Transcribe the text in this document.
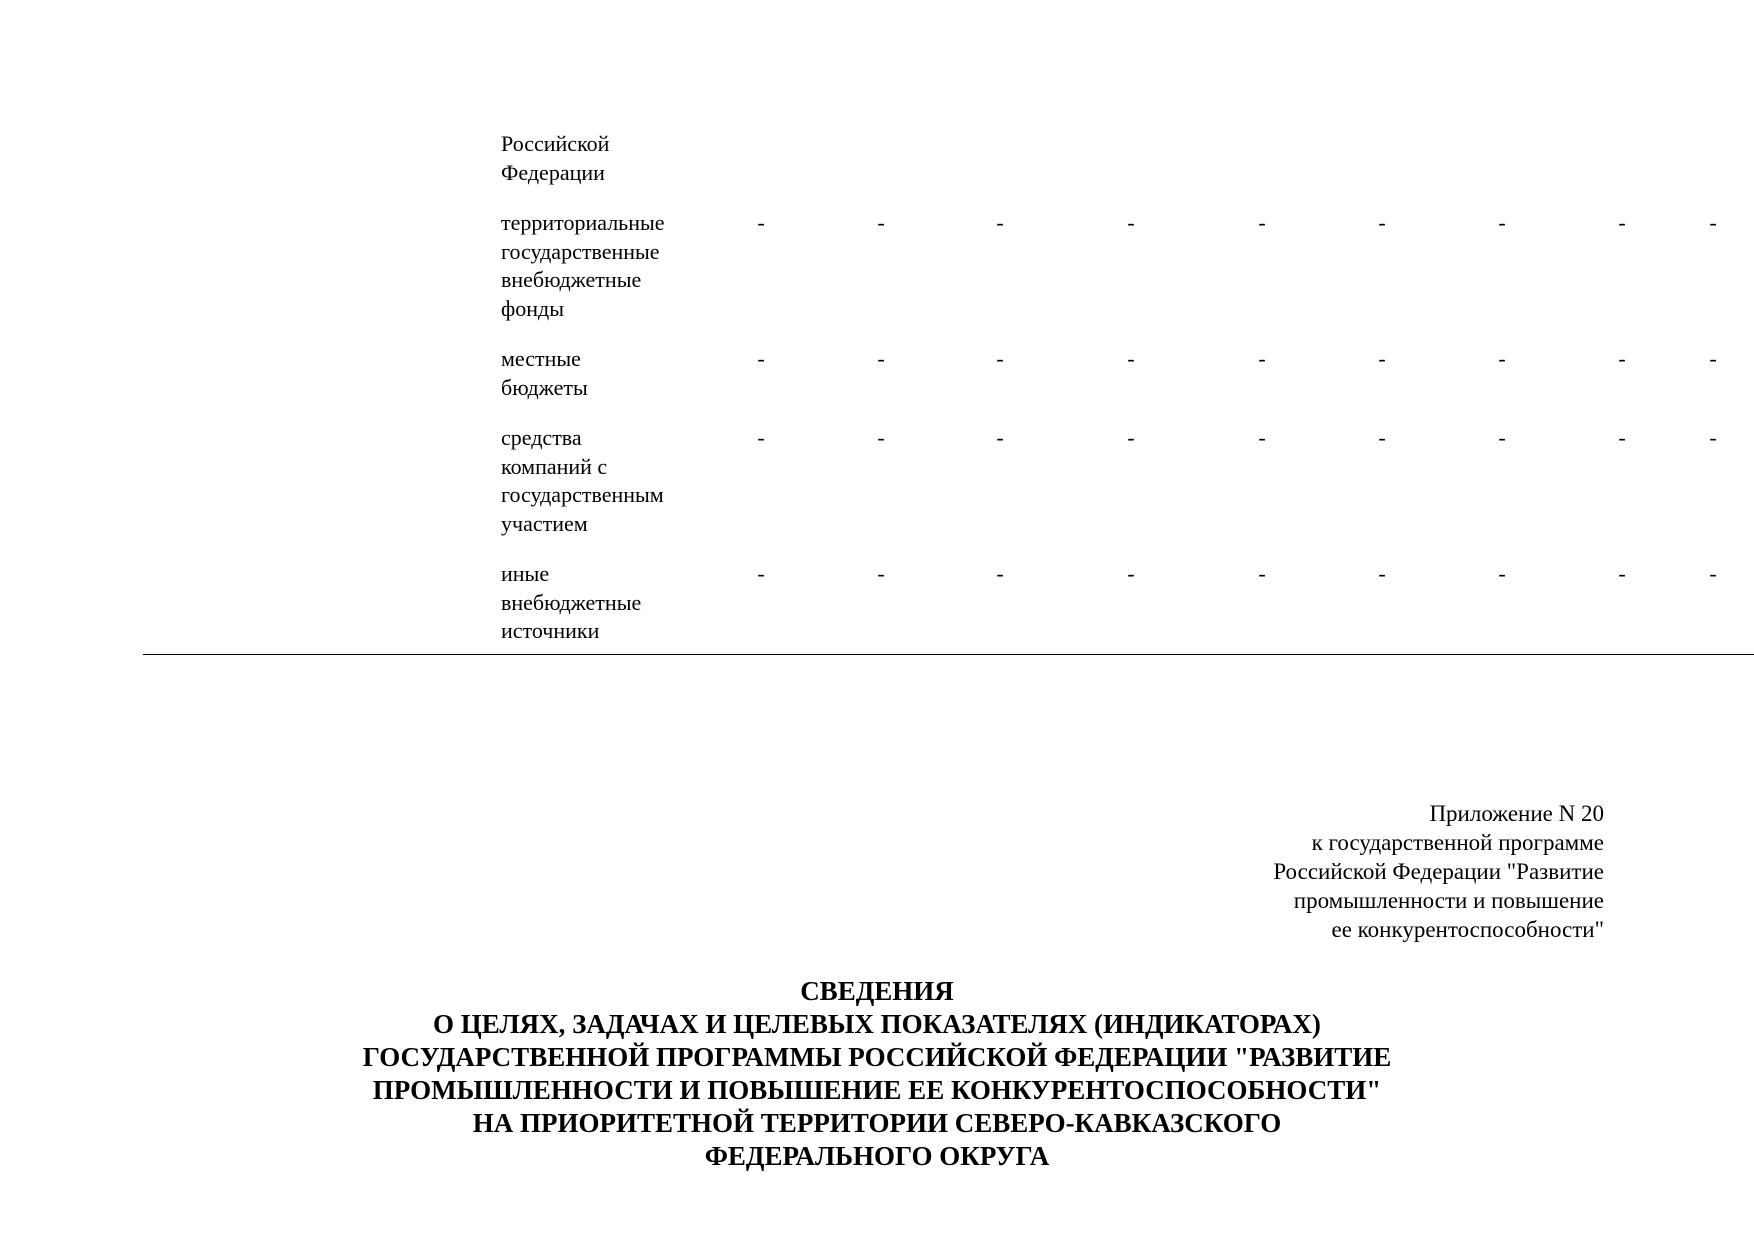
Российской
Федерации
территориальные
государственные
внебюджетные
фонды
-	-	-	-	-	-	-	-	-
местные
бюджеты
-	-	-	-	-	-	-	-	-
средства
компаний с
государственным
участием
-	-	-	-	-	-	-	-	-
иные
внебюджетные
источники
-	-	-	-	-	-	-	-	-
Приложение N 20
к государственной программе
Российской Федерации "Развитие
промышленности и повышение
ее конкурентоспособности"
СВЕДЕНИЯ
О ЦЕЛЯХ, ЗАДАЧАХ И ЦЕЛЕВЫХ ПОКАЗАТЕЛЯХ (ИНДИКАТОРАХ)
ГОСУДАРСТВЕННОЙ ПРОГРАММЫ РОССИЙСКОЙ ФЕДЕРАЦИИ "РАЗВИТИЕ
ПРОМЫШЛЕННОСТИ И ПОВЫШЕНИЕ ЕЕ КОНКУРЕНТОСПОСОБНОСТИ"
НА ПРИОРИТЕТНОЙ ТЕРРИТОРИИ СЕВЕРО-КАВКАЗСКОГО
ФЕДЕРАЛЬНОГО ОКРУГА
